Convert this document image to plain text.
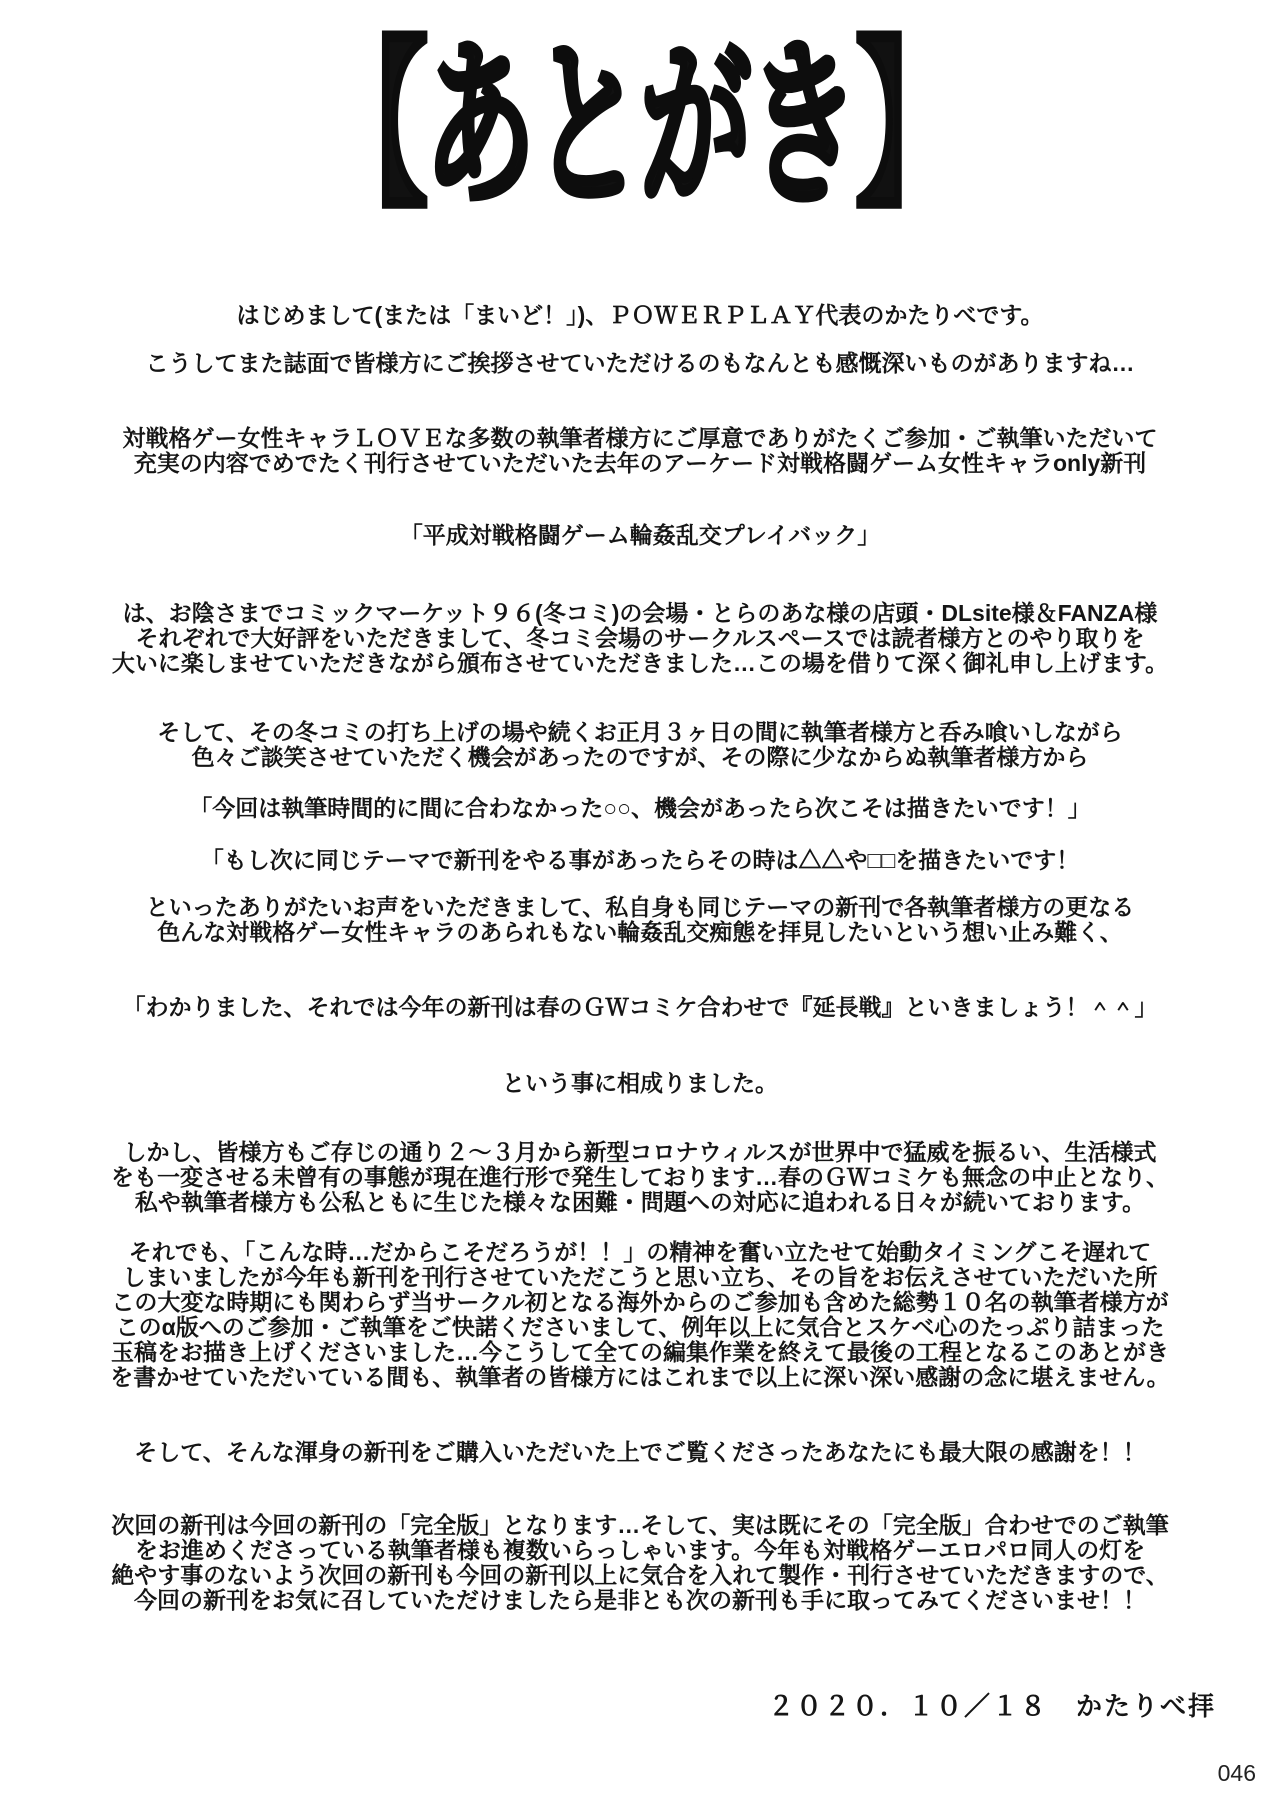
【あとがき】
はじめまして(または「まいど！」)、ＰＯＷＥＲＰＬＡＹ代表のかたりべです。
こうしてまた誌面で皆様方にご挨拶させていただけるのもなんとも感慨深いものがありますね…
対戦格ゲー女性キャラＬＯＶＥな多数の執筆者様方にご厚意でありがたくご参加・ご執筆いただいて
充実の内容でめでたく刊行させていただいた去年のアーケード対戦格闘ゲーム女性キャラonly新刊
「平成対戦格闘ゲーム輪姦乱交プレイバック」
は、お陰さまでコミックマーケット９６(冬コミ)の会場・とらのあな様の店頭・DLsite様＆FANZA様
それぞれで大好評をいただきまして、冬コミ会場のサークルスペースでは読者様方とのやり取りを
大いに楽しませていただきながら頒布させていただきました…この場を借りて深く御礼申し上げます。
そして、その冬コミの打ち上げの場や続くお正月３ヶ日の間に執筆者様方と呑み喰いしながら
色々ご談笑させていただく機会があったのですが、その際に少なからぬ執筆者様方から
「今回は執筆時間的に間に合わなかった○○、機会があったら次こそは描きたいです！」
「もし次に同じテーマで新刊をやる事があったらその時は△△や□□を描きたいです！
といったありがたいお声をいただきまして、私自身も同じテーマの新刊で各執筆者様方の更なる
色んな対戦格ゲー女性キャラのあられもない輪姦乱交痴態を拝見したいという想い止み難く、
「わかりました、それでは今年の新刊は春のＧＷコミケ合わせで『延長戦』といきましょう！＾＾」
という事に相成りました。
しかし、皆様方もご存じの通り２～３月から新型コロナウィルスが世界中で猛威を振るい、生活様式
をも一変させる未曾有の事態が現在進行形で発生しております…春のＧＷコミケも無念の中止となり、
私や執筆者様方も公私ともに生じた様々な困難・問題への対応に追われる日々が続いております。
それでも、「こんな時…だからこそだろうが！！」の精神を奮い立たせて始動タイミングこそ遅れて
しまいましたが今年も新刊を刊行させていただこうと思い立ち、その旨をお伝えさせていただいた所
この大変な時期にも関わらず当サークル初となる海外からのご参加も含めた総勢１０名の執筆者様方が
このα版へのご参加・ご執筆をご快諾くださいまして、例年以上に気合とスケベ心のたっぷり詰まった
玉稿をお描き上げくださいました…今こうして全ての編集作業を終えて最後の工程となるこのあとがき
を書かせていただいている間も、執筆者の皆様方にはこれまで以上に深い深い感謝の念に堪えません。
そして、そんな渾身の新刊をご購入いただいた上でご覧くださったあなたにも最大限の感謝を！！
次回の新刊は今回の新刊の「完全版」となります…そして、実は既にその「完全版」合わせでのご執筆
をお進めくださっている執筆者様も複数いらっしゃいます。今年も対戦格ゲーエロパロ同人の灯を
絶やす事のないよう次回の新刊も今回の新刊以上に気合を入れて製作・刊行させていただきますので、
今回の新刊をお気に召していただけましたら是非とも次の新刊も手に取ってみてくださいませ！！
２０２０．１０／１８　かたりべ拝
046
